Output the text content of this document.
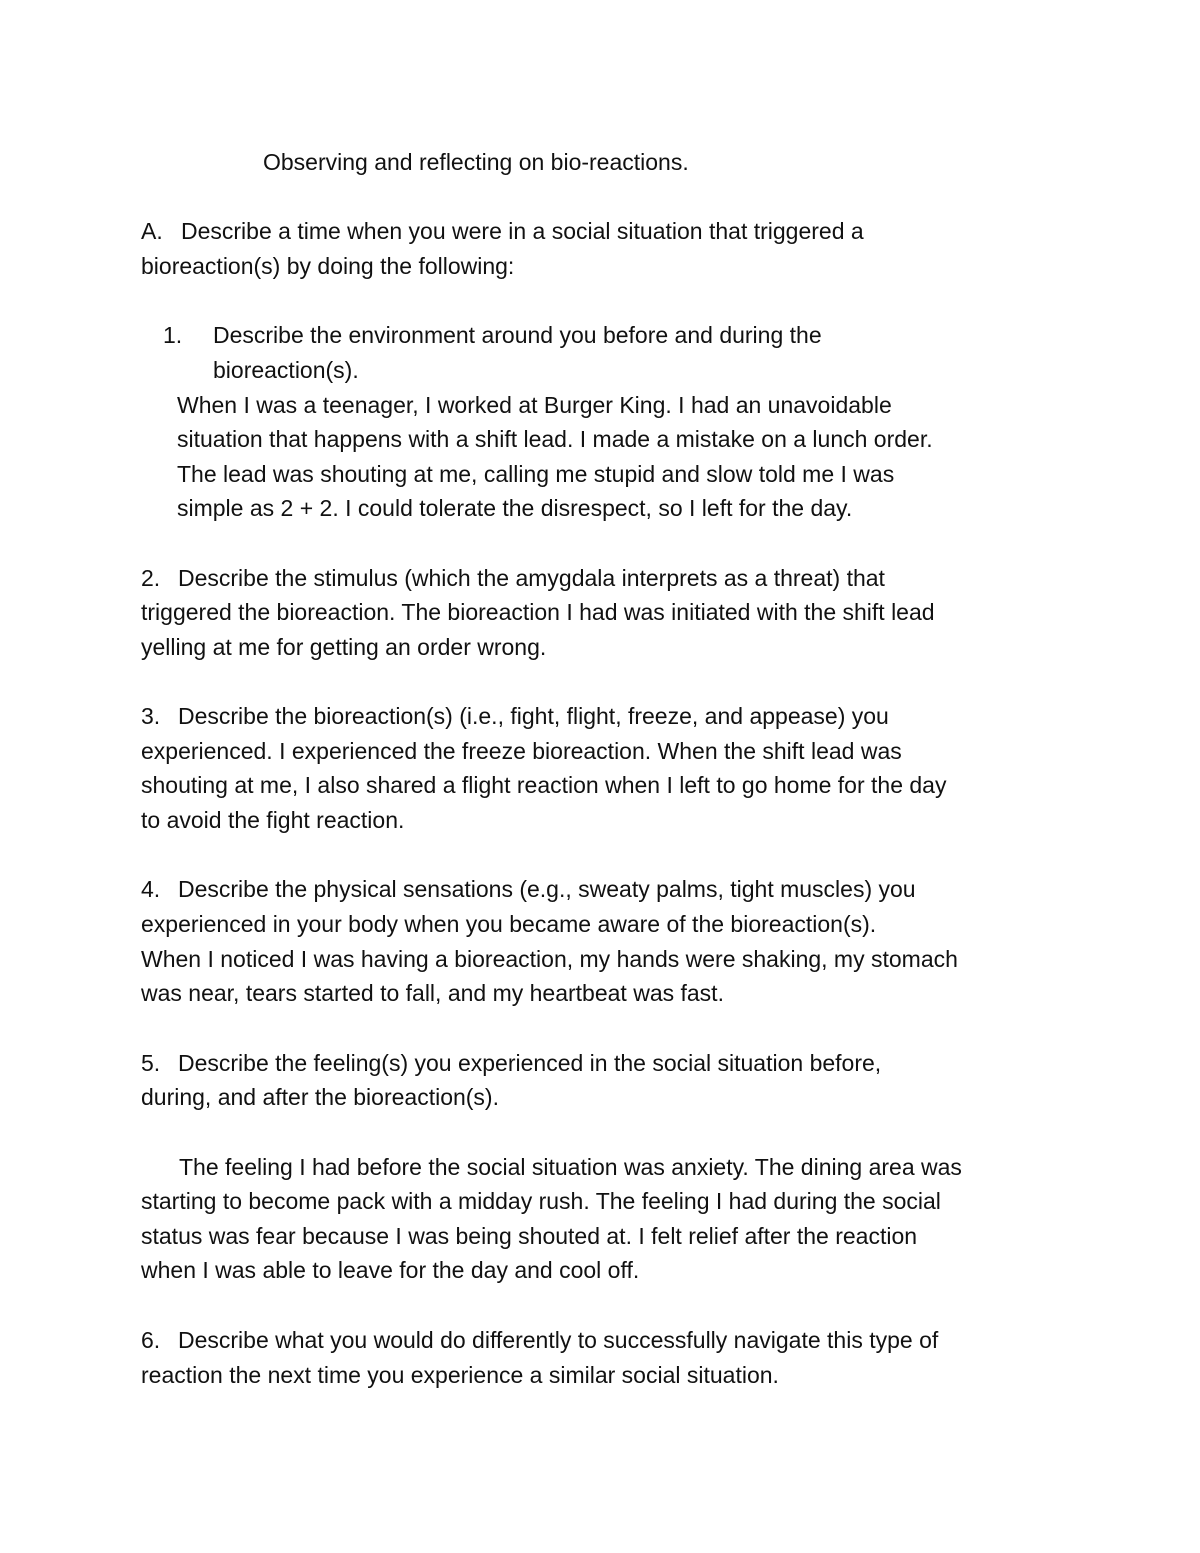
Observing and reflecting on bio-reactions.

A. Describe a time when you were in a social situation that triggered a

bioreaction(s) by doing the following:

1. Describe the environment around you before and during the

bioreaction(s).

When I was a teenager, I worked at Burger King. I had an unavoidable

situation that happens with a shift lead. I made a mistake on a lunch order.

The lead was shouting at me, calling me stupid and slow told me I was

simple as 2 + 2. I could tolerate the disrespect, so I left for the day.

2. Describe the stimulus (which the amygdala interprets as a threat) that

triggered the bioreaction. The bioreaction I had was initiated with the shift lead

yelling at me for getting an order wrong.

3. Describe the bioreaction(s) (i.e., fight, flight, freeze, and appease) you

experienced. I experienced the freeze bioreaction. When the shift lead was

shouting at me, I also shared a flight reaction when I left to go home for the day

to avoid the fight reaction.

4. Describe the physical sensations (e.g., sweaty palms, tight muscles) you

experienced in your body when you became aware of the bioreaction(s).

When I noticed I was having a bioreaction, my hands were shaking, my stomach

was near, tears started to fall, and my heartbeat was fast.

5. Describe the feeling(s) you experienced in the social situation before,

during, and after the bioreaction(s).

The feeling I had before the social situation was anxiety. The dining area was

starting to become pack with a midday rush. The feeling I had during the social

status was fear because I was being shouted at. I felt relief after the reaction

when I was able to leave for the day and cool off.

6. Describe what you would do differently to successfully navigate this type of

reaction the next time you experience a similar social situation.
